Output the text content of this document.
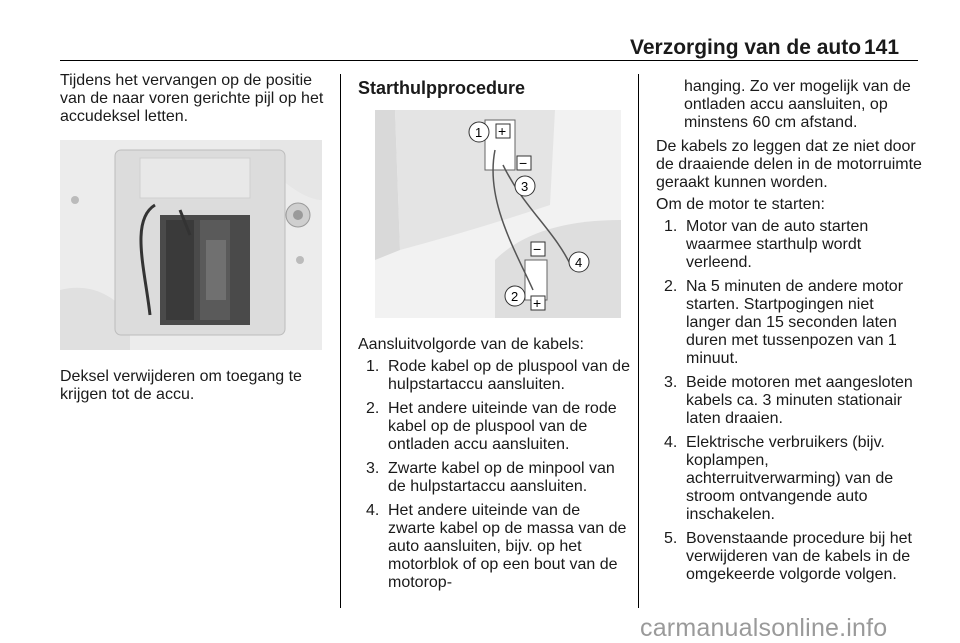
Verzorging van de auto 141

Tijdens het vervangen op de positie van de naar voren gerichte pijl op het accudeksel letten.

Deksel verwijderen om toegang te krijgen tot de accu.

Starthulpprocedure
1 +
−
3
−
4
2 +

Aansluitvolgorde van de kabels:

1. Rode kabel op de pluspool van de hulpstartaccu aansluiten.
2. Het andere uiteinde van de rode kabel op de pluspool van de ontladen accu aansluiten.
3. Zwarte kabel op de minpool van de hulpstartaccu aansluiten.
4. Het andere uiteinde van de zwarte kabel op de massa van de auto aansluiten, bijv. op het motorblok of op een bout van de motorop-

hanging. Zo ver mogelijk van de ontladen accu aansluiten, op minstens 60 cm afstand.

De kabels zo leggen dat ze niet door de draaiende delen in de motorruimte geraakt kunnen worden.

Om de motor te starten:

1. Motor van de auto starten waarmee starthulp wordt verleend.
2. Na 5 minuten de andere motor starten. Startpogingen niet langer dan 15 seconden laten duren met tussenpozen van 1 minuut.
3. Beide motoren met aangesloten kabels ca. 3 minuten stationair laten draaien.
4. Elektrische verbruikers (bijv. koplampen, achterruitverwarming) van de stroom ontvangende auto inschakelen.
5. Bovenstaande procedure bij het verwijderen van de kabels in de omgekeerde volgorde volgen.
carmanualsonline.info
